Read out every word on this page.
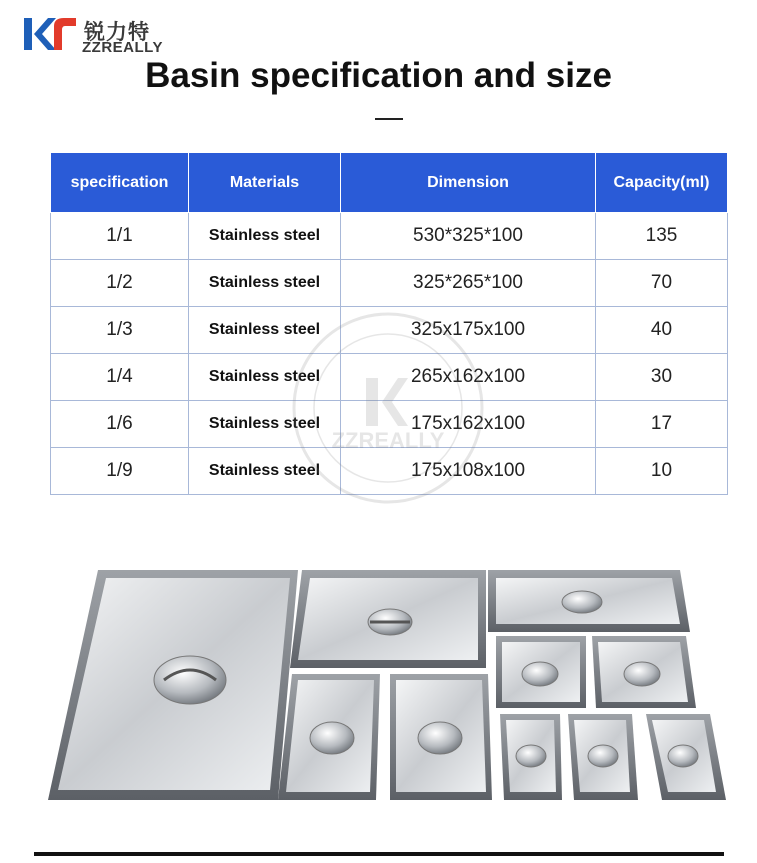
锐力特
ZZREALLY
Basin specification and size
specification	Materials	Dimension	Capacity(ml)
1/1	Stainless steel	530*325*100	135
1/2	Stainless steel	325*265*100	70
1/3	Stainless steel	325x175x100	40
1/4	Stainless steel	265x162x100	30
1/6	Stainless steel	175x162x100	17
1/9	Stainless steel	175x108x100	10
ZZREALLY
